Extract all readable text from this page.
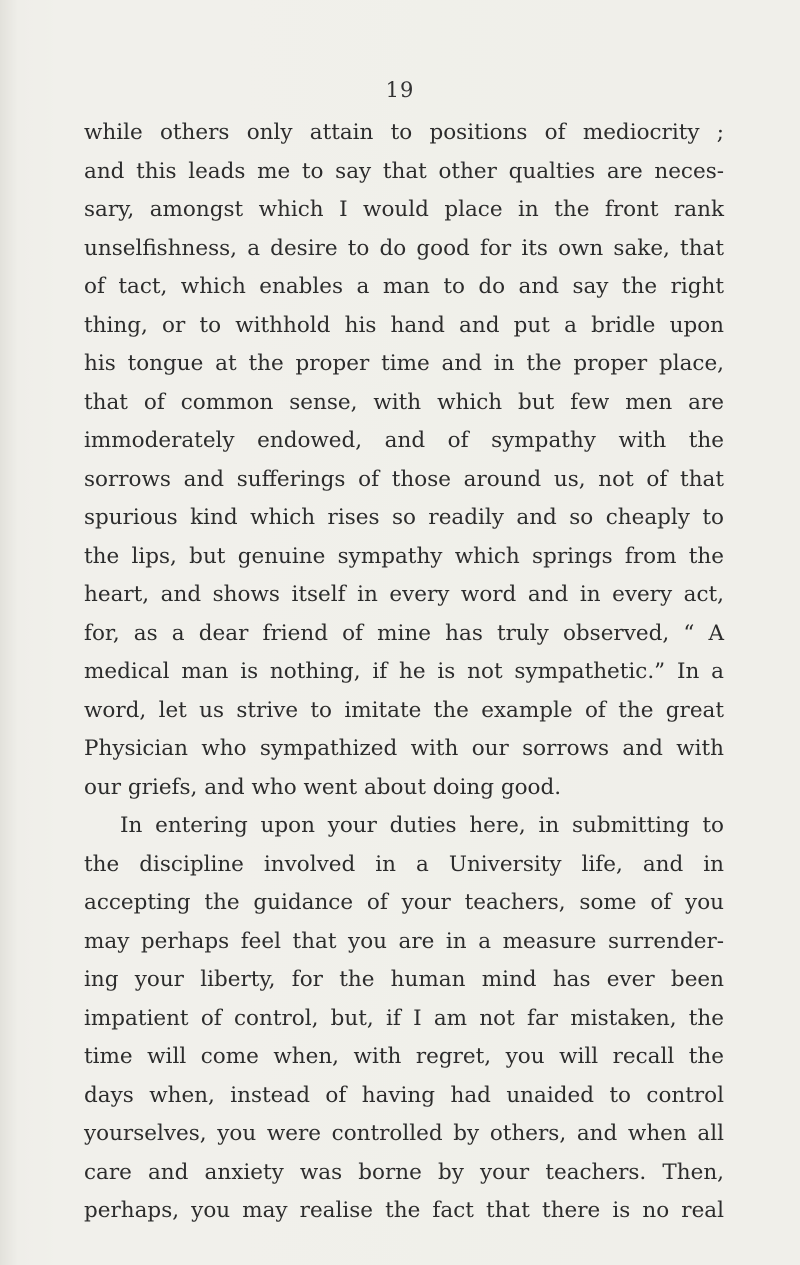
19
while others only attain to positions of mediocrity ;
and this leads me to say that other qualties are neces-
sary, amongst which I would place in the front rank
unselfishness, a desire to do good for its own sake, that
of tact, which enables a man to do and say the right
thing, or to withhold his hand and put a bridle upon
his tongue at the proper time and in the proper place,
that of common sense, with which but few men are
immoderately endowed, and of sympathy with the
sorrows and sufferings of those around us, not of that
spurious kind which rises so readily and so cheaply to
the lips, but genuine sympathy which springs from the
heart, and shows itself in every word and in every act,
for, as a dear friend of mine has truly observed, “ A
medical man is nothing, if he is not sympathetic.” In a
word, let us strive to imitate the example of the great
Physician who sympathized with our sorrows and with
our griefs, and who went about doing good.
In entering upon your duties here, in submitting to
the discipline involved in a University life, and in
accepting the guidance of your teachers, some of you
may perhaps feel that you are in a measure surrender-
ing your liberty, for the human mind has ever been
impatient of control, but, if I am not far mistaken, the
time will come when, with regret, you will recall the
days when, instead of having had unaided to control
yourselves, you were controlled by others, and when all
care and anxiety was borne by your teachers. Then,
perhaps, you may realise the fact that there is no real
